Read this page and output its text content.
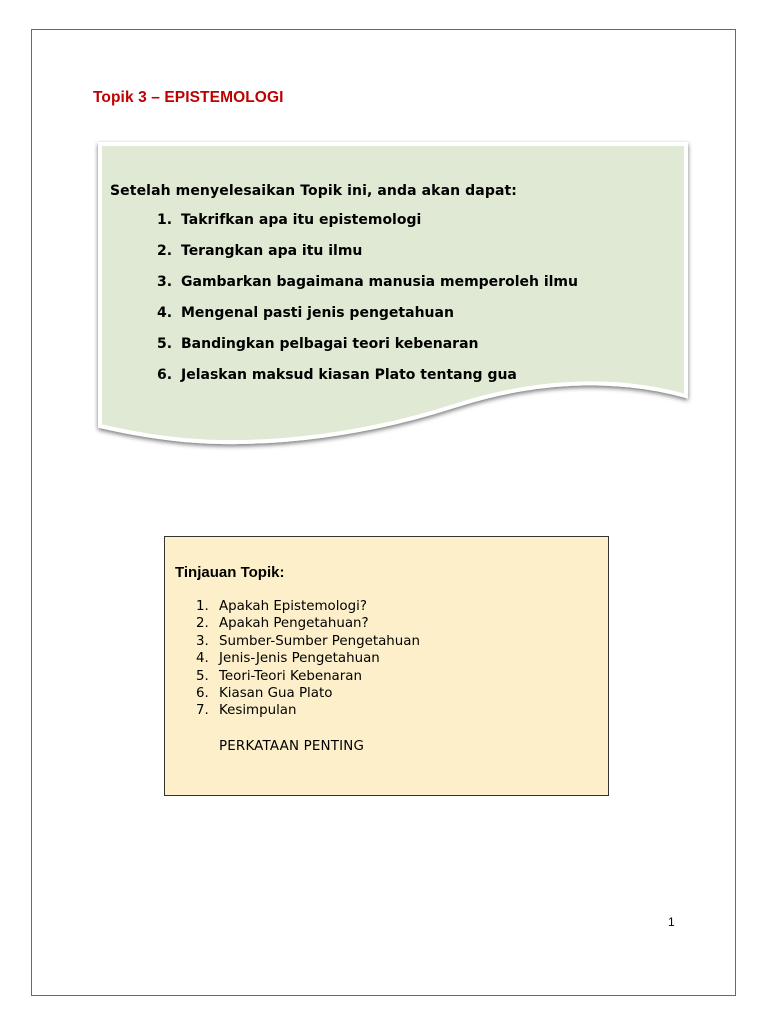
Topik 3 – EPISTEMOLOGI
Setelah menyelesaikan Topik ini, anda akan dapat:
1. Takrifkan apa itu epistemologi
2. Terangkan apa itu ilmu
3. Gambarkan bagaimana manusia memperoleh ilmu
4. Mengenal pasti jenis pengetahuan
5. Bandingkan pelbagai teori kebenaran
6. Jelaskan maksud kiasan Plato tentang gua
Tinjauan Topik:
1. Apakah Epistemologi?
2. Apakah Pengetahuan?
3. Sumber-Sumber Pengetahuan
4. Jenis-Jenis Pengetahuan
5. Teori-Teori Kebenaran
6. Kiasan Gua Plato
7. Kesimpulan
PERKATAAN PENTING
1
